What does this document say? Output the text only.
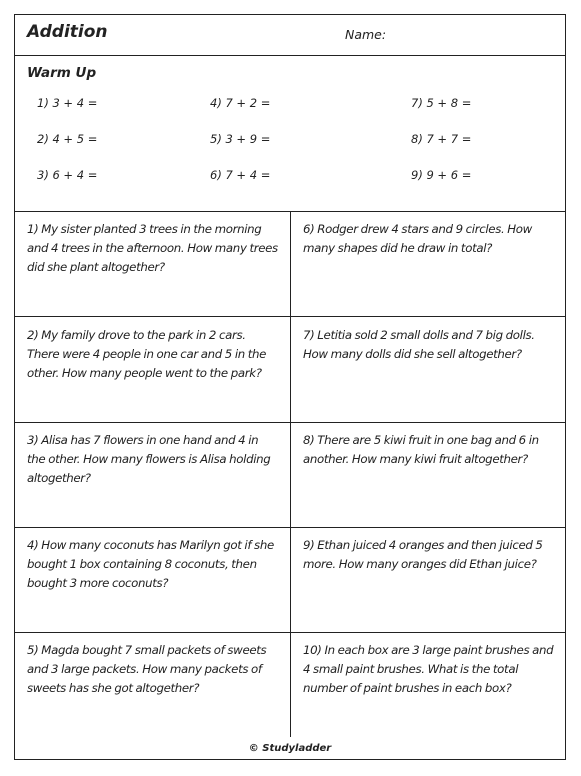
Addition	Name:
Warm Up
1) 3 + 4 =
2) 4 + 5 =
3) 6 + 4 =
4) 7 + 2 =
5) 3 + 9 =
6) 7 + 4 =
7) 5 + 8 =
8) 7 + 7 =
9) 9 + 6 =
1) My sister planted 3 trees in the morning and 4 trees in the afternoon. How many trees did she plant altogether?
6) Rodger drew 4 stars and 9 circles. How many shapes did he draw in total?
2) My family drove to the park in 2 cars. There were 4 people in one car and 5 in the other. How many people went to the park?
7) Letitia sold 2 small dolls and 7 big dolls. How many dolls did she sell altogether?
3) Alisa has 7 flowers in one hand and 4 in the other. How many flowers is Alisa holding altogether?
8) There are 5 kiwi fruit in one bag and 6 in another. How many kiwi fruit altogether?
4) How many coconuts has Marilyn got if she bought 1 box containing 8 coconuts, then bought 3 more coconuts?
9) Ethan juiced 4 oranges and then juiced 5 more. How many oranges did Ethan juice?
5) Magda bought 7 small packets of sweets and 3 large packets. How many packets of sweets has she got altogether?
10) In each box are 3 large paint brushes and 4 small paint brushes. What is the total number of paint brushes in each box?
© Studyladder
